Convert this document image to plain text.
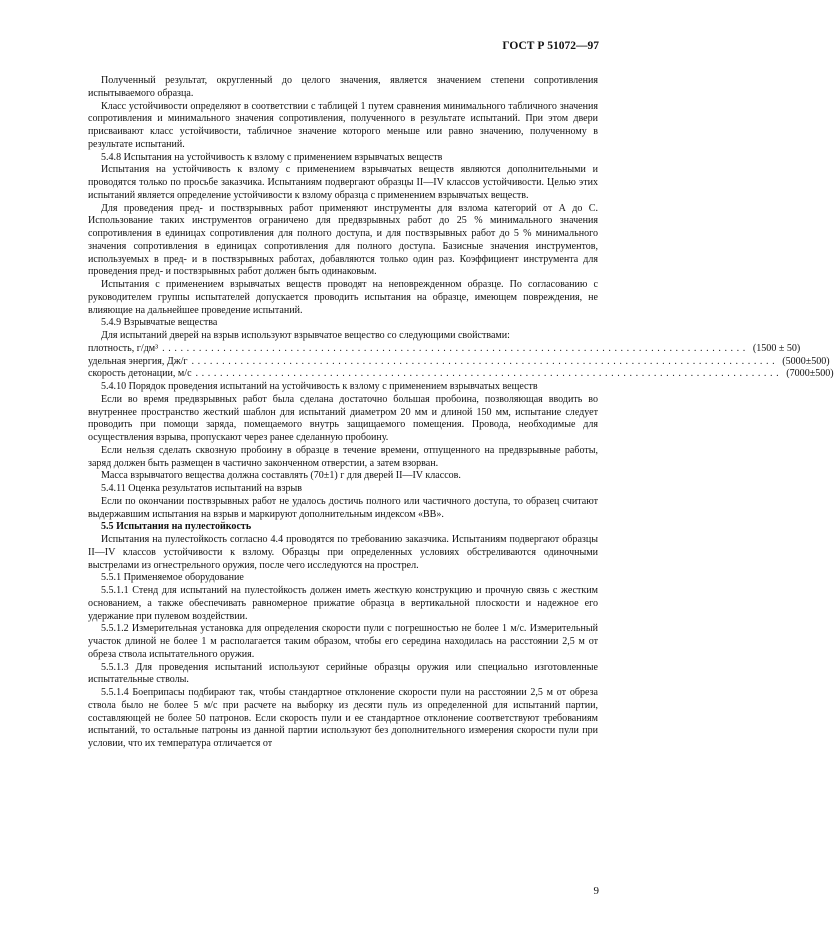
ГОСТ Р 51072—97

Полученный результат, округленный до целого значения, является значением степени сопротивления испытываемого образца.

Класс устойчивости определяют в соответствии с таблицей 1 путем сравнения минимального табличного значения сопротивления и минимального значения сопротивления, полученного в результате испытаний. При этом двери присваивают класс устойчивости, табличное значение которого меньше или равно значению, полученному в результате испытаний.

5.4.8 Испытания на устойчивость к взлому с применением взрывчатых веществ

Испытания на устойчивость к взлому с применением взрывчатых веществ являются дополнительными и проводятся только по просьбе заказчика. Испытаниям подвергают образцы II—IV классов устойчивости. Целью этих испытаний является определение устойчивости к взлому образца с применением взрывчатых веществ.

Для проведения пред- и поствзрывных работ применяют инструменты для взлома категорий от А до С. Использование таких инструментов ограничено для предвзрывных работ до 25 % минимального значения сопротивления в единицах сопротивления для полного доступа, и для поствзрывных работ до 5 % минимального значения сопротивления в единицах сопротивления для полного доступа. Базисные значения инструментов, используемых в пред- и в поствзрывных работах, добавляются только один раз. Коэффициент инструмента для проведения пред- и поствзрывных работ должен быть одинаковым.

Испытания с применением взрывчатых веществ проводят на неповрежденном образце. По согласованию с руководителем группы испытателей допускается проводить испытания на образце, имеющем повреждения, не влияющие на дальнейшее проведение испытаний.

5.4.9 Взрывчатые вещества

Для испытаний дверей на взрыв используют взрывчатое вещество со следующими свойствами:

плотность, г/дм³ ................................................................................................ (1500 ± 50)

удельная энергия, Дж/г ................................................................................................ (5000±500)

скорость детонации, м/с ................................................................................................ (7000±500)

5.4.10 Порядок проведения испытаний на устойчивость к взлому с применением взрывчатых веществ

Если во время предвзрывных работ была сделана достаточно большая пробоина, позволяющая вводить во внутреннее пространство жесткий шаблон для испытаний диаметром 20 мм и длиной 150 мм, испытание следует проводить при помощи заряда, помещаемого внутрь защищаемого помещения. Провода, необходимые для осуществления взрыва, пропускают через ранее сделанную пробоину.

Если нельзя сделать сквозную пробоину в образце в течение времени, отпущенного на предвзрывные работы, заряд должен быть размещен в частично законченном отверстии, а затем взорван.

Масса взрывчатого вещества должна составлять (70±1) г для дверей II—IV классов.

5.4.11 Оценка результатов испытаний на взрыв

Если по окончании поствзрывных работ не удалось достичь полного или частичного доступа, то образец считают выдержавшим испытания на взрыв и маркируют дополнительным индексом «ВВ».

5.5 Испытания на пулестойкость

Испытания на пулестойкость согласно 4.4 проводятся по требованию заказчика. Испытаниям подвергают образцы II—IV классов устойчивости к взлому. Образцы при определенных условиях обстреливаются одиночными выстрелами из огнестрельного оружия, после чего исследуются на прострел.

5.5.1 Применяемое оборудование

5.5.1.1 Стенд для испытаний на пулестойкость должен иметь жесткую конструкцию и прочную связь с жестким основанием, а также обеспечивать равномерное прижатие образца в вертикальной плоскости и надежное его удержание при пулевом воздействии.

5.5.1.2 Измерительная установка для определения скорости пули с погрешностью не более 1 м/с. Измерительный участок длиной не более 1 м располагается таким образом, чтобы его середина находилась на расстоянии 2,5 м от обреза ствола испытательного оружия.

5.5.1.3 Для проведения испытаний используют серийные образцы оружия или специально изготовленные испытательные стволы.

5.5.1.4 Боеприпасы подбирают так, чтобы стандартное отклонение скорости пули на расстоянии 2,5 м от обреза ствола было не более 5 м/с при расчете на выборку из десяти пуль из определенной для испытаний партии, составляющей не более 50 патронов. Если скорость пули и ее стандартное отклонение соответствуют требованиям испытаний, то остальные патроны из данной партии используют без дополнительного измерения скорости пули при условии, что их температура отличается от

9
